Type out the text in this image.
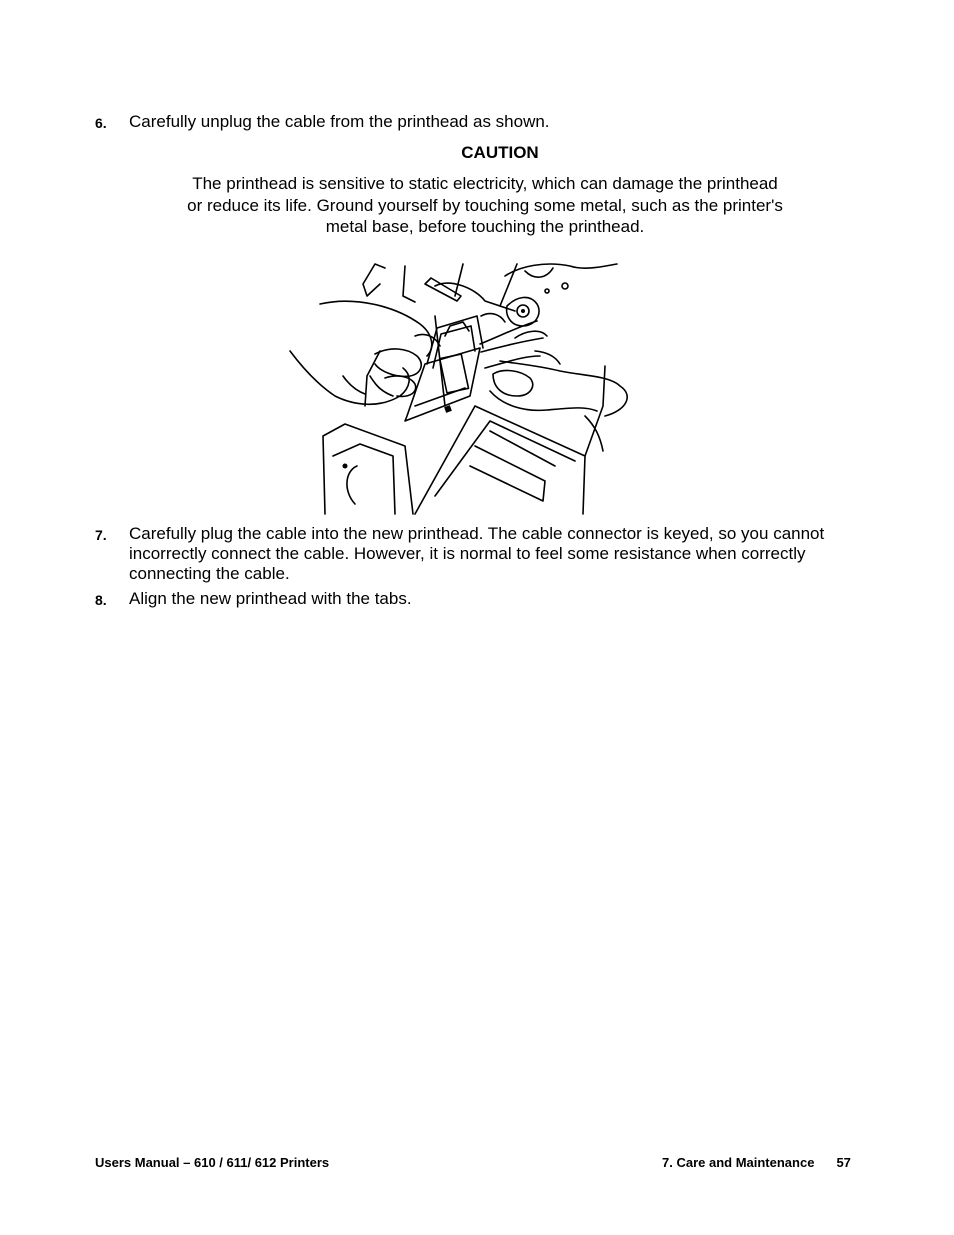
6. Carefully unplug the cable from the printhead as shown.
CAUTION
The printhead is sensitive to static electricity, which can damage the printhead or reduce its life. Ground yourself by touching some metal, such as the printer's metal base, before touching the printhead.
7. Carefully plug the cable into the new printhead. The cable connector is keyed, so you cannot incorrectly connect the cable. However, it is normal to feel some resistance when correctly connecting the cable.
8. Align the new printhead with the tabs.
Users Manual – 610 / 611/ 612 Printers	7. Care and Maintenance 57
